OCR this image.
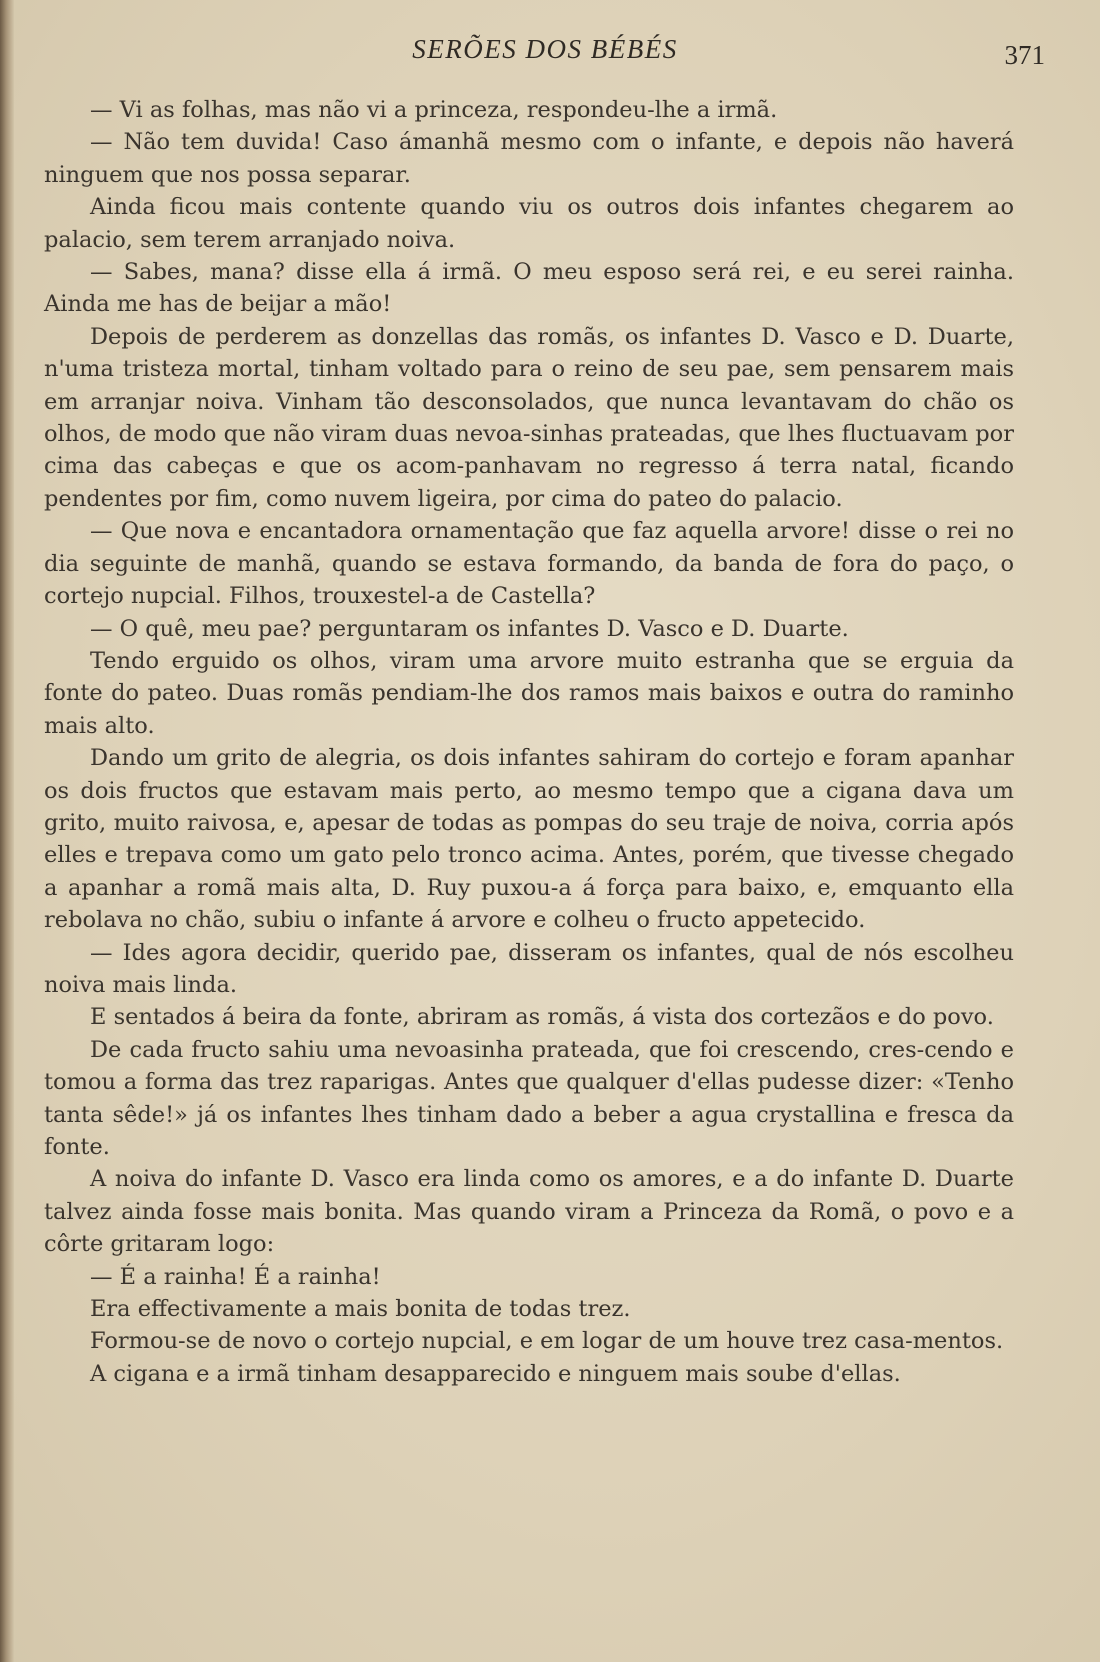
SERÕES DOS BÉBÉS	371

— Vi as folhas, mas não vi a princeza, respondeu-lhe a irmã.

— Não tem duvida! Caso ámanhã mesmo com o infante, e depois não haverá ninguem que nos possa separar.

Ainda ficou mais contente quando viu os outros dois infantes chegarem ao palacio, sem terem arranjado noiva.

— Sabes, mana? disse ella á irmã. O meu esposo será rei, e eu serei rainha. Ainda me has de beijar a mão!

Depois de perderem as donzellas das romãs, os infantes D. Vasco e D. Duarte, n'uma tristeza mortal, tinham voltado para o reino de seu pae, sem pensarem mais em arranjar noiva. Vinham tão desconsolados, que nunca levantavam do chão os olhos, de modo que não viram duas nevoa-sinhas prateadas, que lhes fluctuavam por cima das cabeças e que os acom-panhavam no regresso á terra natal, ficando pendentes por fim, como nuvem ligeira, por cima do pateo do palacio.

— Que nova e encantadora ornamentação que faz aquella arvore! disse o rei no dia seguinte de manhã, quando se estava formando, da banda de fora do paço, o cortejo nupcial. Filhos, trouxestel-a de Castella?

— O quê, meu pae? perguntaram os infantes D. Vasco e D. Duarte.

Tendo erguido os olhos, viram uma arvore muito estranha que se erguia da fonte do pateo. Duas romãs pendiam-lhe dos ramos mais baixos e outra do raminho mais alto.

Dando um grito de alegria, os dois infantes sahiram do cortejo e foram apanhar os dois fructos que estavam mais perto, ao mesmo tempo que a cigana dava um grito, muito raivosa, e, apesar de todas as pompas do seu traje de noiva, corria após elles e trepava como um gato pelo tronco acima. Antes, porém, que tivesse chegado a apanhar a romã mais alta, D. Ruy puxou-a á força para baixo, e, emquanto ella rebolava no chão, subiu o infante á arvore e colheu o fructo appetecido.

— Ides agora decidir, querido pae, disseram os infantes, qual de nós escolheu noiva mais linda.

E sentados á beira da fonte, abriram as romãs, á vista dos cortezãos e do povo.

De cada fructo sahiu uma nevoasinha prateada, que foi crescendo, cres-cendo e tomou a forma das trez raparigas. Antes que qualquer d'ellas pudesse dizer: «Tenho tanta sêde!» já os infantes lhes tinham dado a beber a agua crystallina e fresca da fonte.

A noiva do infante D. Vasco era linda como os amores, e a do infante D. Duarte talvez ainda fosse mais bonita. Mas quando viram a Princeza da Romã, o povo e a côrte gritaram logo:

— É a rainha! É a rainha!

Era effectivamente a mais bonita de todas trez.

Formou-se de novo o cortejo nupcial, e em logar de um houve trez casa-mentos.

A cigana e a irmã tinham desapparecido e ninguem mais soube d'ellas.
